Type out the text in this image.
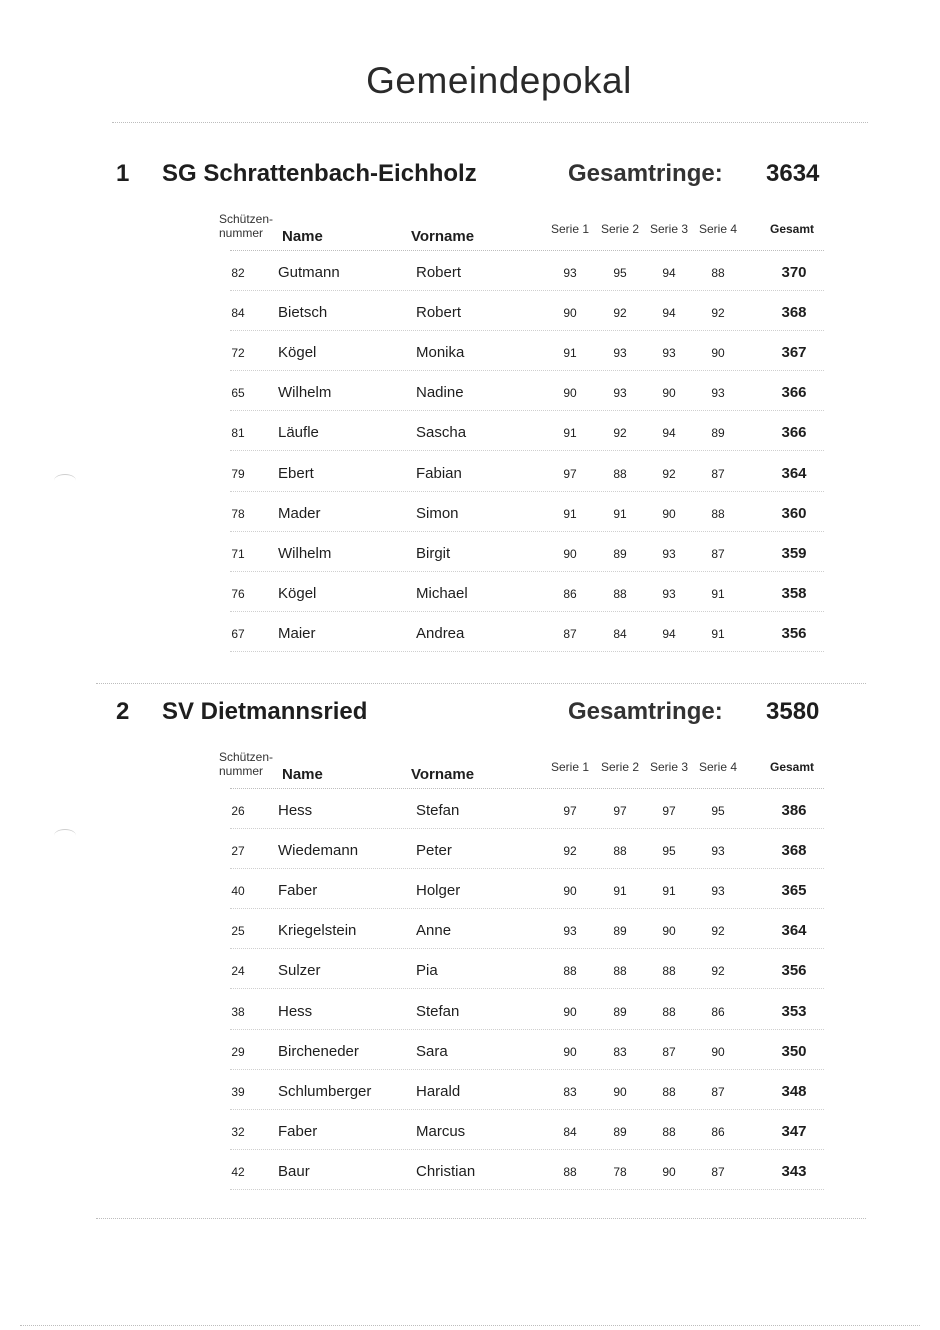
Gemeindepokal
1 SG Schrattenbach-Eichholz	Gesamtringe: 3634
Schützen-
nummer	Name	Vorname	Serie 1 Serie 2 Serie 3 Serie 4	Gesamt
82	Gutmann	Robert	93	95	94	88	370
84	Bietsch	Robert	90	92	94	92	368
72	Kögel	Monika	91	93	93	90	367
65	Wilhelm	Nadine	90	93	90	93	366
81	Läufle	Sascha	91	92	94	89	366
79	Ebert	Fabian	97	88	92	87	364
78	Mader	Simon	91	91	90	88	360
71	Wilhelm	Birgit	90	89	93	87	359
76	Kögel	Michael	86	88	93	91	358
67	Maier	Andrea	87	84	94	91	356
2 SV Dietmannsried	Gesamtringe: 3580
Schützen-
nummer	Name	Vorname	Serie 1 Serie 2 Serie 3 Serie 4	Gesamt
26	Hess	Stefan	97	97	97	95	386
27	Wiedemann	Peter	92	88	95	93	368
40	Faber	Holger	90	91	91	93	365
25	Kriegelstein	Anne	93	89	90	92	364
24	Sulzer	Pia	88	88	88	92	356
38	Hess	Stefan	90	89	88	86	353
29	Bircheneder	Sara	90	83	87	90	350
39	Schlumberger	Harald	83	90	88	87	348
32	Faber	Marcus	84	89	88	86	347
42	Baur	Christian	88	78	90	87	343
